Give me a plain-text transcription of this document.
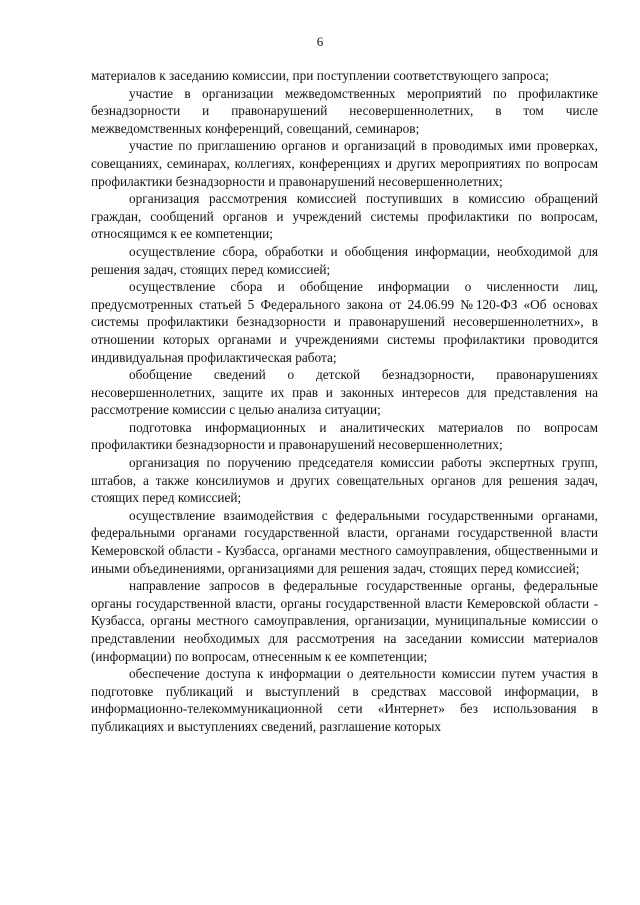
6

материалов к заседанию комиссии, при поступлении соответствующего запроса;

участие в организации межведомственных мероприятий по профилактике безнадзорности и правонарушений несовершеннолетних, в том числе межведомственных конференций, совещаний, семинаров;

участие по приглашению органов и организаций в проводимых ими проверках, совещаниях, семинарах, коллегиях, конференциях и других мероприятиях по вопросам профилактики безнадзорности и правонарушений несовершеннолетних;

организация рассмотрения комиссией поступивших в комиссию обращений граждан, сообщений органов и учреждений системы профилактики по вопросам, относящимся к ее компетенции;

осуществление сбора, обработки и обобщения информации, необходимой для решения задач, стоящих перед комиссией;

осуществление сбора и обобщение информации о численности лиц, предусмотренных статьей 5 Федерального закона от 24.06.99 №120-ФЗ «Об основах системы профилактики безнадзорности и правонарушений несовершеннолетних», в отношении которых органами и учреждениями системы профилактики проводится индивидуальная профилактическая работа;

обобщение сведений о детской безнадзорности, правонарушениях несовершеннолетних, защите их прав и законных интересов для представления на рассмотрение комиссии с целью анализа ситуации;

подготовка информационных и аналитических материалов по вопросам профилактики безнадзорности и правонарушений несовершеннолетних;

организация по поручению председателя комиссии работы экспертных групп, штабов, а также консилиумов и других совещательных органов для решения задач, стоящих перед комиссией;

осуществление взаимодействия с федеральными государственными органами, федеральными органами государственной власти, органами государственной власти Кемеровской области - Кузбасса, органами местного самоуправления, общественными и иными объединениями, организациями для решения задач, стоящих перед комиссией;

направление запросов в федеральные государственные органы, федеральные органы государственной власти, органы государственной власти Кемеровской области - Кузбасса, органы местного самоуправления, организации, муниципальные комиссии о представлении необходимых для рассмотрения на заседании комиссии материалов (информации) по вопросам, отнесенным к ее компетенции;

обеспечение доступа к информации о деятельности комиссии путем участия в подготовке публикаций и выступлений в средствах массовой информации, в информационно-телекоммуникационной сети «Интернет» без использования в публикациях и выступлениях сведений, разглашение которых
